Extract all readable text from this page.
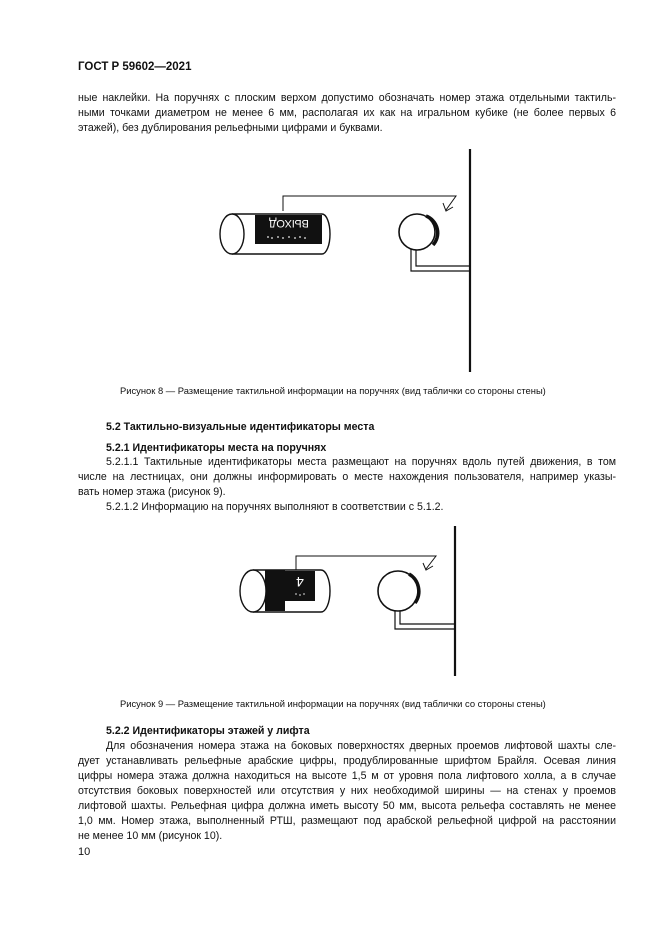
ГОСТ Р 59602—2021
ные наклейки. На поручнях с плоским верхом допустимо обозначать номер этажа отдельными тактиль-
ными точками диаметром не менее 6 мм, располагая их как на игральном кубике (не более первых 6
этажей), без дублирования рельефными цифрами и буквами.
ВЫХОД
Рисунок 8 — Размещение тактильной информации на поручнях (вид таблички со стороны стены)
5.2 Тактильно-визуальные идентификаторы места
5.2.1 Идентификаторы места на поручнях
5.2.1.1 Тактильные идентификаторы места размещают на поручнях вдоль путей движения, в том
числе на лестницах, они должны информировать о месте нахождения пользователя, например указы-
вать номер этажа (рисунок 9).
5.2.1.2 Информацию на поручнях выполняют в соответствии с 5.1.2.
4
Рисунок 9 — Размещение тактильной информации на поручнях (вид таблички со стороны стены)
5.2.2 Идентификаторы этажей у лифта
Для обозначения номера этажа на боковых поверхностях дверных проемов лифтовой шахты сле-
дует устанавливать рельефные арабские цифры, продублированные шрифтом Брайля. Осевая линия
цифры номера этажа должна находиться на высоте 1,5 м от уровня пола лифтового холла, а в случае
отсутствия боковых поверхностей или отсутствия у них необходимой ширины — на стенах у проемов
лифтовой шахты. Рельефная цифра должна иметь высоту 50 мм, высота рельефа составлять не менее
1,0 мм. Номер этажа, выполненный РТШ, размещают под арабской рельефной цифрой на расстоянии
не менее 10 мм (рисунок 10).
10
